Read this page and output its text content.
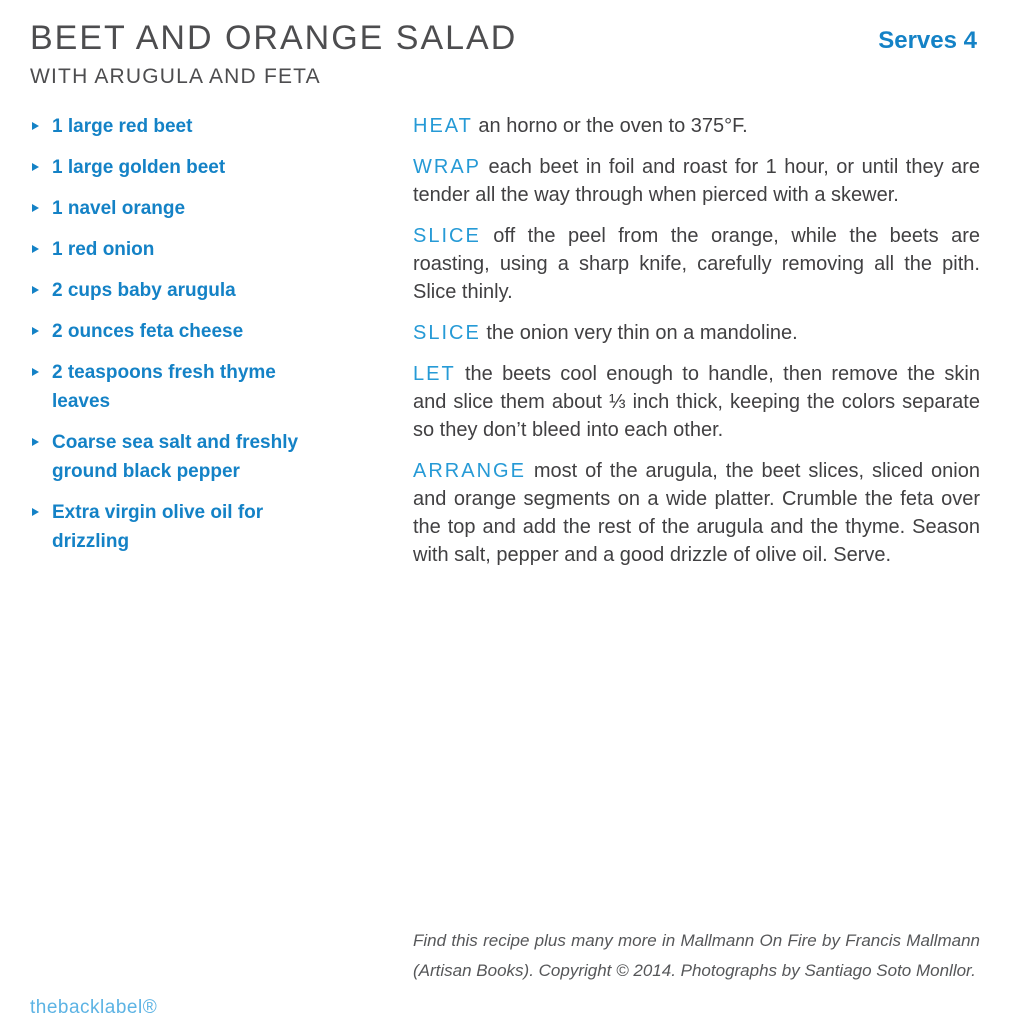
BEET AND ORANGE SALAD
WITH ARUGULA AND FETA
Serves 4
1 large red beet
1 large golden beet
1 navel orange
1 red onion
2 cups baby arugula
2 ounces feta cheese
2 teaspoons fresh thyme leaves
Coarse sea salt and freshly ground black pepper
Extra virgin olive oil for drizzling

HEAT an horno or the oven to 375°F.

WRAP each beet in foil and roast for 1 hour, or until they are tender all the way through when pierced with a skewer.

SLICE off the peel from the orange, while the beets are roasting, using a sharp knife, carefully removing all the pith. Slice thinly.

SLICE the onion very thin on a mandoline.

LET the beets cool enough to handle, then remove the skin and slice them about ⅓ inch thick, keeping the colors separate so they don’t bleed into each other.

ARRANGE most of the arugula, the beet slices, sliced onion and orange segments on a wide platter. Crumble the feta over the top and add the rest of the arugula and the thyme. Season with salt, pepper and a good drizzle of olive oil. Serve.

Find this recipe plus many more in Mallmann On Fire by Francis Mallmann (Artisan Books). Copyright © 2014. Photographs by Santiago Soto Monllor.

thebacklabel®
